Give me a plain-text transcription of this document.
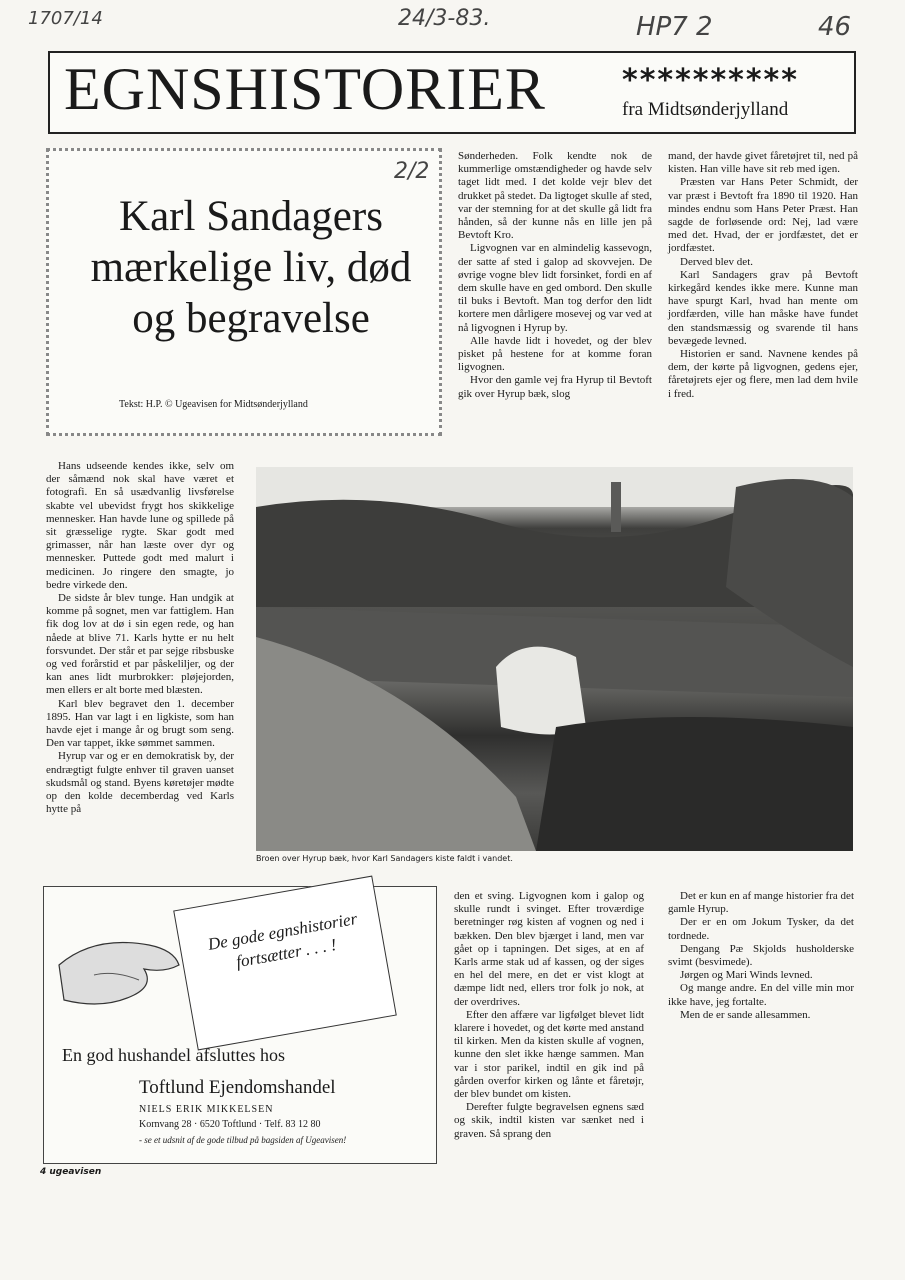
1707/14	24/3-83.	HP7 2	46
EGNSHISTORIER	**********
fra Midtsønderjylland
2/2
Karl Sandagers mærkelige liv, død og begravelse
Tekst: H.P. © Ugeavisen for Midtsønderjylland

Sønderheden. Folk kendte nok de kummerlige omstændigheder og havde selv taget lidt med. I det kolde vejr blev det drukket på stedet. Da ligtoget skulle af sted, var der stemning for at det skulle gå lidt fra hånden, så der kunne nås en lille jen på Bevtoft Kro.

Ligvognen var en almindelig kassevogn, der satte af sted i galop ad skovvejen. De øvrige vogne blev lidt forsinket, fordi en af dem skulle have en ged ombord. Den skulle til buks i Bevtoft. Man tog derfor den lidt kortere men dårligere mosevej og var ved at nå ligvognen i Hyrup by.

Alle havde lidt i hovedet, og der blev pisket på hestene for at komme foran ligvognen.

Hvor den gamle vej fra Hyrup til Bevtoft gik over Hyrup bæk, slog

mand, der havde givet fåretøjret til, ned på kisten. Han ville have sit reb med igen.

Præsten var Hans Peter Schmidt, der var præst i Bevtoft fra 1890 til 1920. Han mindes endnu som Hans Peter Præst. Han sagde de forløsende ord: Nej, lad være med det. Hvad, der er jordfæstet, det er jordfæstet.

Derved blev det.

Karl Sandagers grav på Bevtoft kirkegård kendes ikke mere. Kunne man have spurgt Karl, hvad han mente om jordfærden, ville han måske have fundet den standsmæssig og svarende til hans bevægede levned.

Historien er sand. Navnene kendes på dem, der kørte på ligvognen, gedens ejer, fåretøjrets ejer og flere, men lad dem hvile i fred.

Hans udseende kendes ikke, selv om der såmænd nok skal have været et fotografi. En så usædvanlig livsførelse skabte vel ubevidst frygt hos skikkelige mennesker. Han havde lune og spillede på sit græsselige rygte. Skar godt med grimasser, når han læste over dyr og mennesker. Puttede godt med malurt i medicinen. Jo ringere den smagte, jo bedre virkede den.

De sidste år blev tunge. Han undgik at komme på sognet, men var fattiglem. Han fik dog lov at dø i sin egen rede, og han nåede at blive 71. Karls hytte er nu helt forsvundet. Der står et par sejge ribsbuske og ved forårstid et par påskeliljer, og der kan anes lidt murbrokker: pløjejorden, men ellers er alt borte med blæsten.

Karl blev begravet den 1. december 1895. Han var lagt i en ligkiste, som han havde ejet i mange år og brugt som seng. Den var tappet, ikke sømmet sammen.

Hyrup var og er en demokratisk by, der endrægtigt fulgte enhver til graven uanset skudsmål og stand. Byens køretøjer mødte op den kolde decemberdag ved Karls hytte på

Broen over Hyrup bæk, hvor Karl Sandagers kiste faldt i vandet.
De gode egnshistorier fortsætter . . . !
En god hushandel afsluttes hos
Toftlund Ejendomshandel
NIELS ERIK MIKKELSEN
Kornvang 28 · 6520 Toftlund · Telf. 83 12 80
- se et udsnit af de gode tilbud på bagsiden af Ugeavisen!

den et sving. Ligvognen kom i galop og skulle rundt i svinget. Efter troværdige beretninger røg kisten af vognen og ned i bækken. Den blev bjærget i land, men var gået op i tapningen. Det siges, at en af Karls arme stak ud af kassen, og der siges en hel del mere, en det er vist klogt at dæmpe lidt ned, ellers tror folk jo nok, at der overdrives.

Efter den affære var ligfølget blevet lidt klarere i hovedet, og det kørte med anstand til kirken. Men da kisten skulle af vognen, kunne den slet ikke hænge sammen. Man var i stor parikel, indtil en gik ind på gården overfor kirken og lånte et fåretøjr, der blev bundet om kisten.

Derefter fulgte begravelsen egnens sæd og skik, indtil kisten var sænket ned i graven. Så sprang den

Det er kun en af mange historier fra det gamle Hyrup.

Der er en om Jokum Tysker, da det tordnede.

Dengang Pæ Skjolds husholderske svimt (besvimede).

Jørgen og Mari Winds levned.

Og mange andre. En del ville min mor ikke have, jeg fortalte.

Men de er sande allesammen.

4 ugeavisen
